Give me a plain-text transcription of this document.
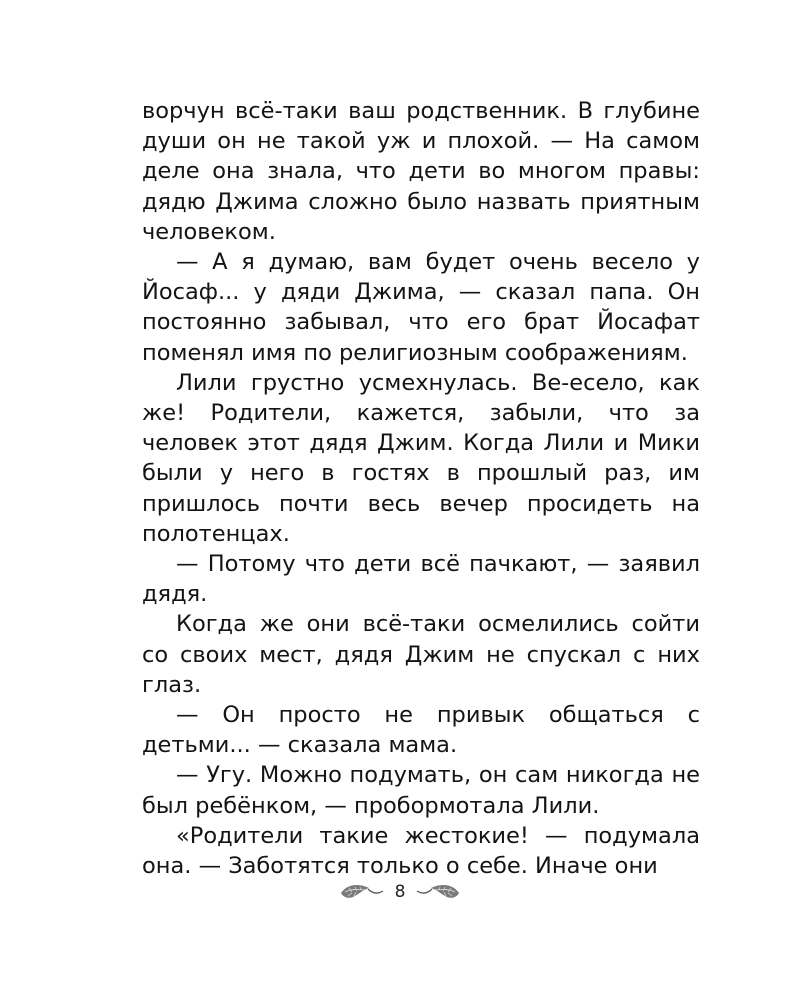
ворчун всё-таки ваш родственник. В глубине души он не такой уж и плохой. — На самом деле она знала, что дети во многом правы: дядю Джима сложно было назвать приятным человеком.

— А я думаю, вам будет очень весело у Йосаф... у дяди Джима, — сказал папа. Он постоянно забывал, что его брат Йосафат поменял имя по религиозным соображениям.

Лили грустно усмехнулась. Ве-есело, как же! Родители, кажется, забыли, что за человек этот дядя Джим. Когда Лили и Мики были у него в гостях в прошлый раз, им пришлось почти весь вечер просидеть на полотенцах.

— Потому что дети всё пачкают, — заявил дядя.

Когда же они всё-таки осмелились сойти со своих мест, дядя Джим не спускал с них глаз.

— Он просто не привык общаться с детьми... — сказала мама.

— Угу. Можно подумать, он сам никогда не был ребёнком, — пробормотала Лили.

«Родители такие жестокие! — подумала она. — Заботятся только о себе. Иначе они

8
